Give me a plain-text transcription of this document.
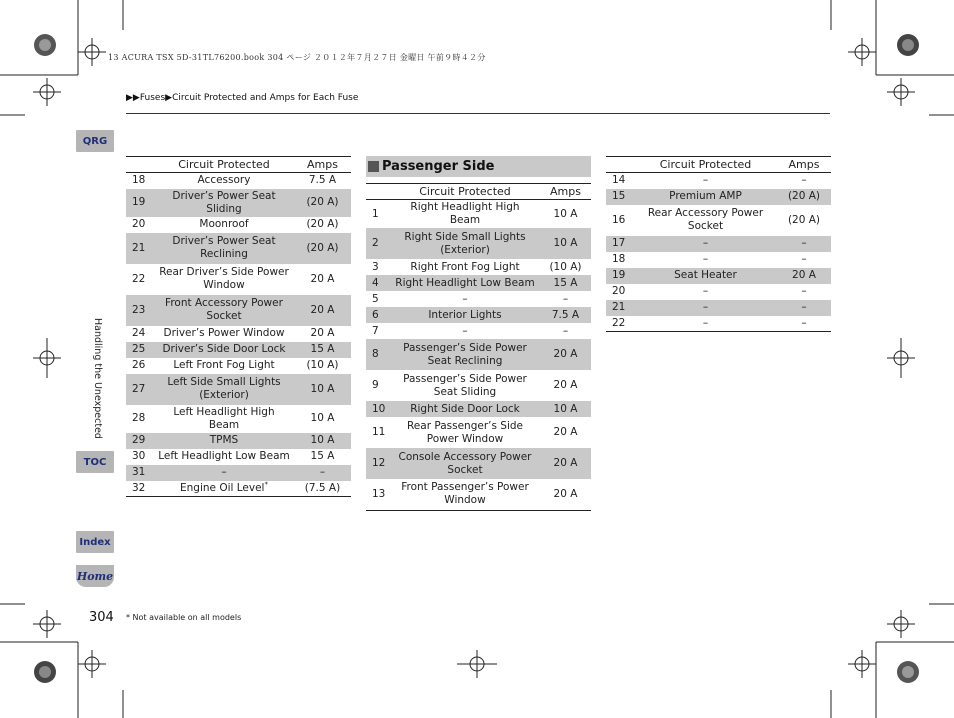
13 ACURA TSX 5D-31TL76200.book 304 ページ ２０１２年７月２７日 金曜日 午前９時４２分
▶▶Fuses▶Circuit Protected and Amps for Each Fuse
QRG
Handling the Unexpected
TOC
Index
Home
	Circuit Protected	Amps
18	Accessory	7.5 A
19	Driver’s Power Seat Sliding	(20 A)
20	Moonroof	(20 A)
21	Driver’s Power Seat Reclining	(20 A)
22	Rear Driver’s Side Power Window	20 A
23	Front Accessory Power Socket	20 A
24	Driver’s Power Window	20 A
25	Driver’s Side Door Lock	15 A
26	Left Front Fog Light	(10 A)
27	Left Side Small Lights (Exterior)	10 A
28	Left Headlight High Beam	10 A
29	TPMS	10 A
30	Left Headlight Low Beam	15 A
31	–	–
32	Engine Oil Level*	(7.5 A)
Passenger Side
	Circuit Protected	Amps
1	Right Headlight High Beam	10 A
2	Right Side Small Lights (Exterior)	10 A
3	Right Front Fog Light	(10 A)
4	Right Headlight Low Beam	15 A
5	–	–
6	Interior Lights	7.5 A
7	–	–
8	Passenger’s Side Power Seat Reclining	20 A
9	Passenger’s Side Power Seat Sliding	20 A
10	Right Side Door Lock	10 A
11	Rear Passenger’s Side Power Window	20 A
12	Console Accessory Power Socket	20 A
13	Front Passenger’s Power Window	20 A
	Circuit Protected	Amps
14	–	–
15	Premium AMP	(20 A)
16	Rear Accessory Power Socket	(20 A)
17	–	–
18	–	–
19	Seat Heater	20 A
20	–	–
21	–	–
22	–	–
304 * Not available on all models
